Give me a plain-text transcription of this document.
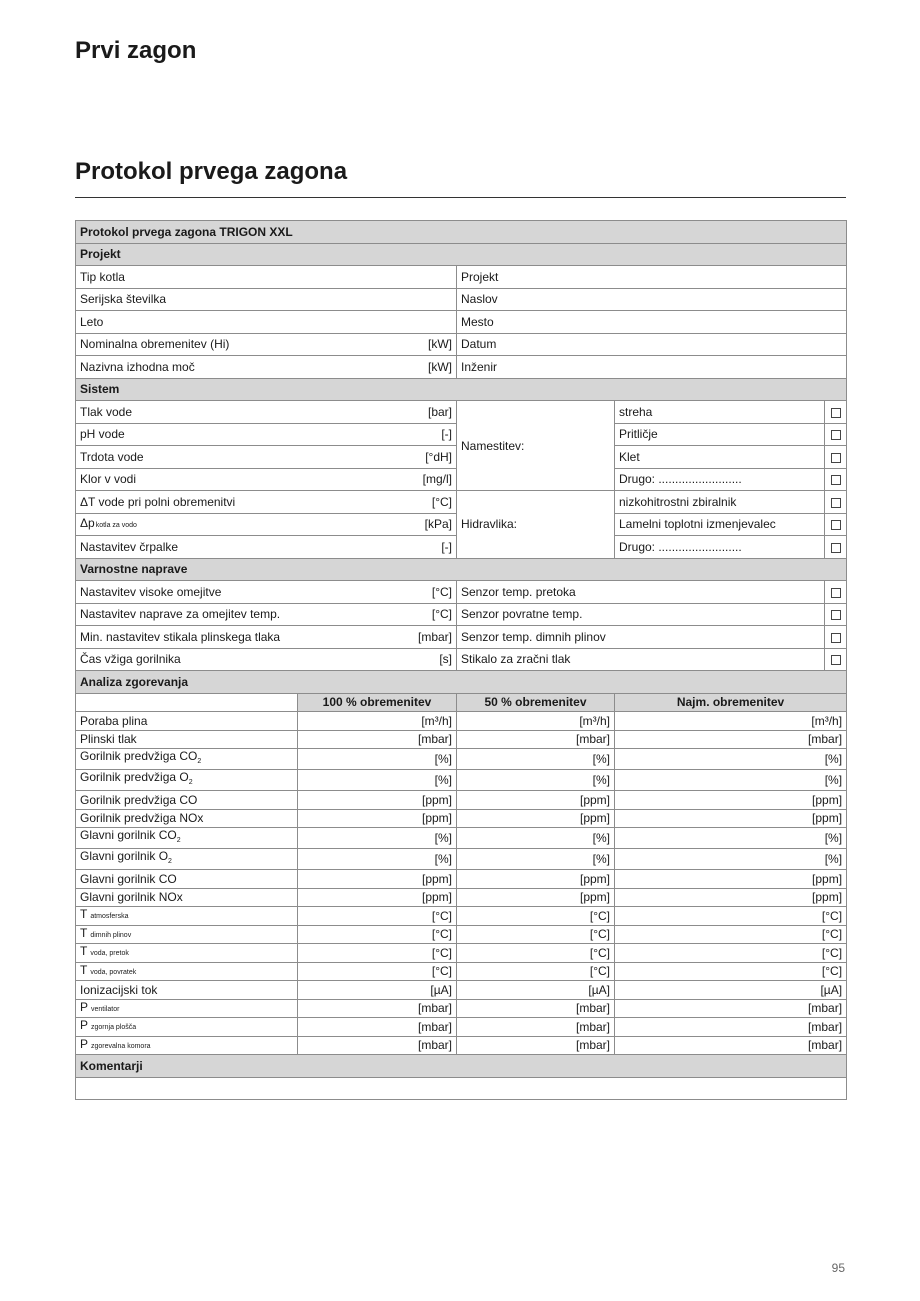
Prvi zagon
Protokol prvega zagona
Protokol prvega zagona TRIGON XXL				
Projekt				

Tip kotla		Projekt		

Serijska številka		Naslov		

Leto		Mesto		

Nominalna obremenitev (Hi) [kW]		Datum		

Nazivna izhodna moč [kW]		Inženir		
Sistem				

Tlak vode [bar]		Namestitev:	streha	

pH vode [-]			Pritličje	

Trdota vode [°dH]			Klet	

Klor v vodi [mg/l]			Drugo: .........................	

ΔT vode pri polni obremenitvi [°C]		Hidravlika:	nizkohitrostni zbiralnik	

Δpkotla za vodo [kPa]			Lamelni toplotni izmenjevalec	

Nastavitev črpalke [-]			Drugo: .........................	
Varnostne naprave				

Nastavitev visoke omejitve [°C]		Senzor temp. pretoka		

Nastavitev naprave za omejitev temp. [°C]		Senzor povratne temp.		

Min. nastavitev stikala plinskega tlaka [mbar]		Senzor temp. dimnih plinov		

Čas vžiga gorilnika [s]		Stikalo za zračni tlak		
Analiza zgorevanja				
	100 % obremenitev	50 % obremenitev	Najm. obremenitev	
Poraba plina	[m³/h]	[m³/h]	[m³/h]	
Plinski tlak	[mbar]	[mbar]	[mbar]	
Gorilnik predvžiga $CO_2$	[%]	[%]	[%]	
Gorilnik predvžiga $O_2$	[%]	[%]	[%]	
Gorilnik predvžiga CO	[ppm]	[ppm]	[ppm]	
Gorilnik predvžiga NOx	[ppm]	[ppm]	[ppm]	
Glavni gorilnik $CO_2$	[%]	[%]	[%]	
Glavni gorilnik $O_2$	[%]	[%]	[%]	
Glavni gorilnik CO	[ppm]	[ppm]	[ppm]	
Glavni gorilnik NOx	[ppm]	[ppm]	[ppm]	
T atmosferska	[°C]	[°C]	[°C]	
T dimnih plinov	[°C]	[°C]	[°C]	
T voda, pretok	[°C]	[°C]	[°C]	
T voda, povratek	[°C]	[°C]	[°C]	
Ionizacijski tok	[µA]	[µA]	[µA]	
P ventilator	[mbar]	[mbar]	[mbar]	
P zgornja plošča	[mbar]	[mbar]	[mbar]	
P zgorevalna komora	[mbar]	[mbar]	[mbar]	
Komentarji				

95
